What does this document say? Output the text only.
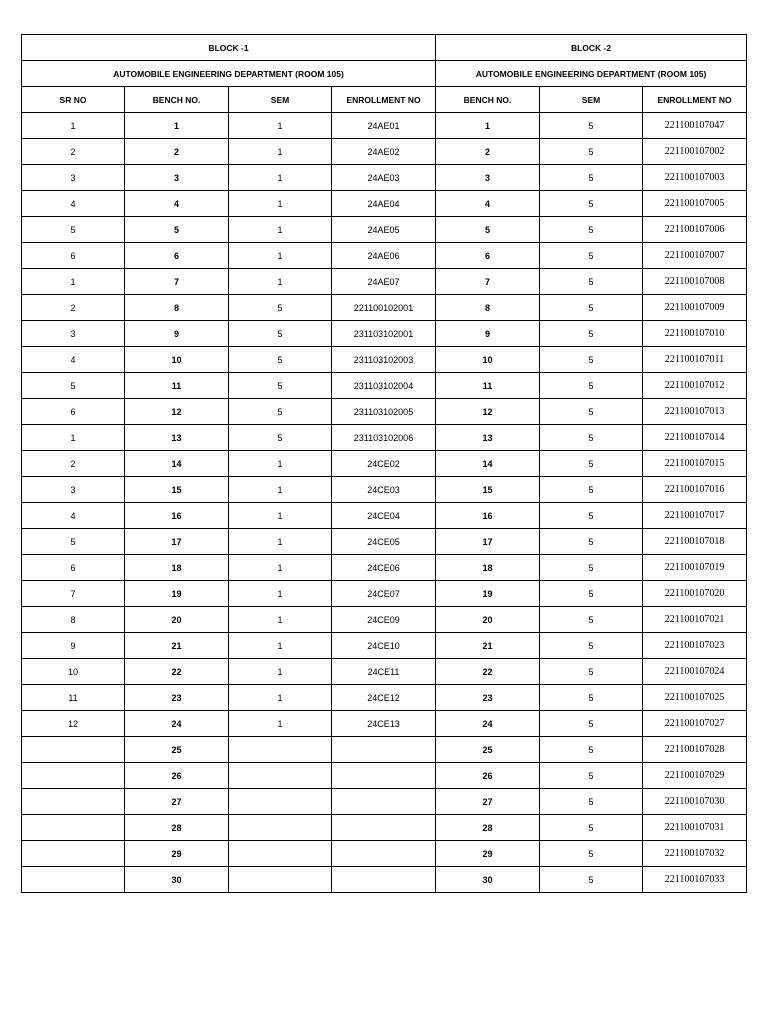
BLOCK -1				BLOCK -2		
AUTOMOBILE ENGINEERING DEPARTMENT (ROOM 105)				AUTOMOBILE ENGINEERING DEPARTMENT (ROOM 105)		
SR NO	BENCH NO.	SEM	ENROLLMENT NO	BENCH NO.	SEM	ENROLLMENT NO
1	1	1	24AE01	1	5	221100107047
2	2	1	24AE02	2	5	221100107002
3	3	1	24AE03	3	5	221100107003
4	4	1	24AE04	4	5	221100107005
5	5	1	24AE05	5	5	221100107006
6	6	1	24AE06	6	5	221100107007
1	7	1	24AE07	7	5	221100107008
2	8	5	221100102001	8	5	221100107009
3	9	5	231103102001	9	5	221100107010
4	10	5	231103102003	10	5	221100107011
5	11	5	231103102004	11	5	221100107012
6	12	5	231103102005	12	5	221100107013
1	13	5	231103102006	13	5	221100107014
2	14	1	24CE02	14	5	221100107015
3	15	1	24CE03	15	5	221100107016
4	16	1	24CE04	16	5	221100107017
5	17	1	24CE05	17	5	221100107018
6	18	1	24CE06	18	5	221100107019
7	19	1	24CE07	19	5	221100107020
8	20	1	24CE09	20	5	221100107021
9	21	1	24CE10	21	5	221100107023
10	22	1	24CE11	22	5	221100107024
11	23	1	24CE12	23	5	221100107025
12	24	1	24CE13	24	5	221100107027
	25			25	5	221100107028
	26			26	5	221100107029
	27			27	5	221100107030
	28			28	5	221100107031
	29			29	5	221100107032
	30			30	5	221100107033
